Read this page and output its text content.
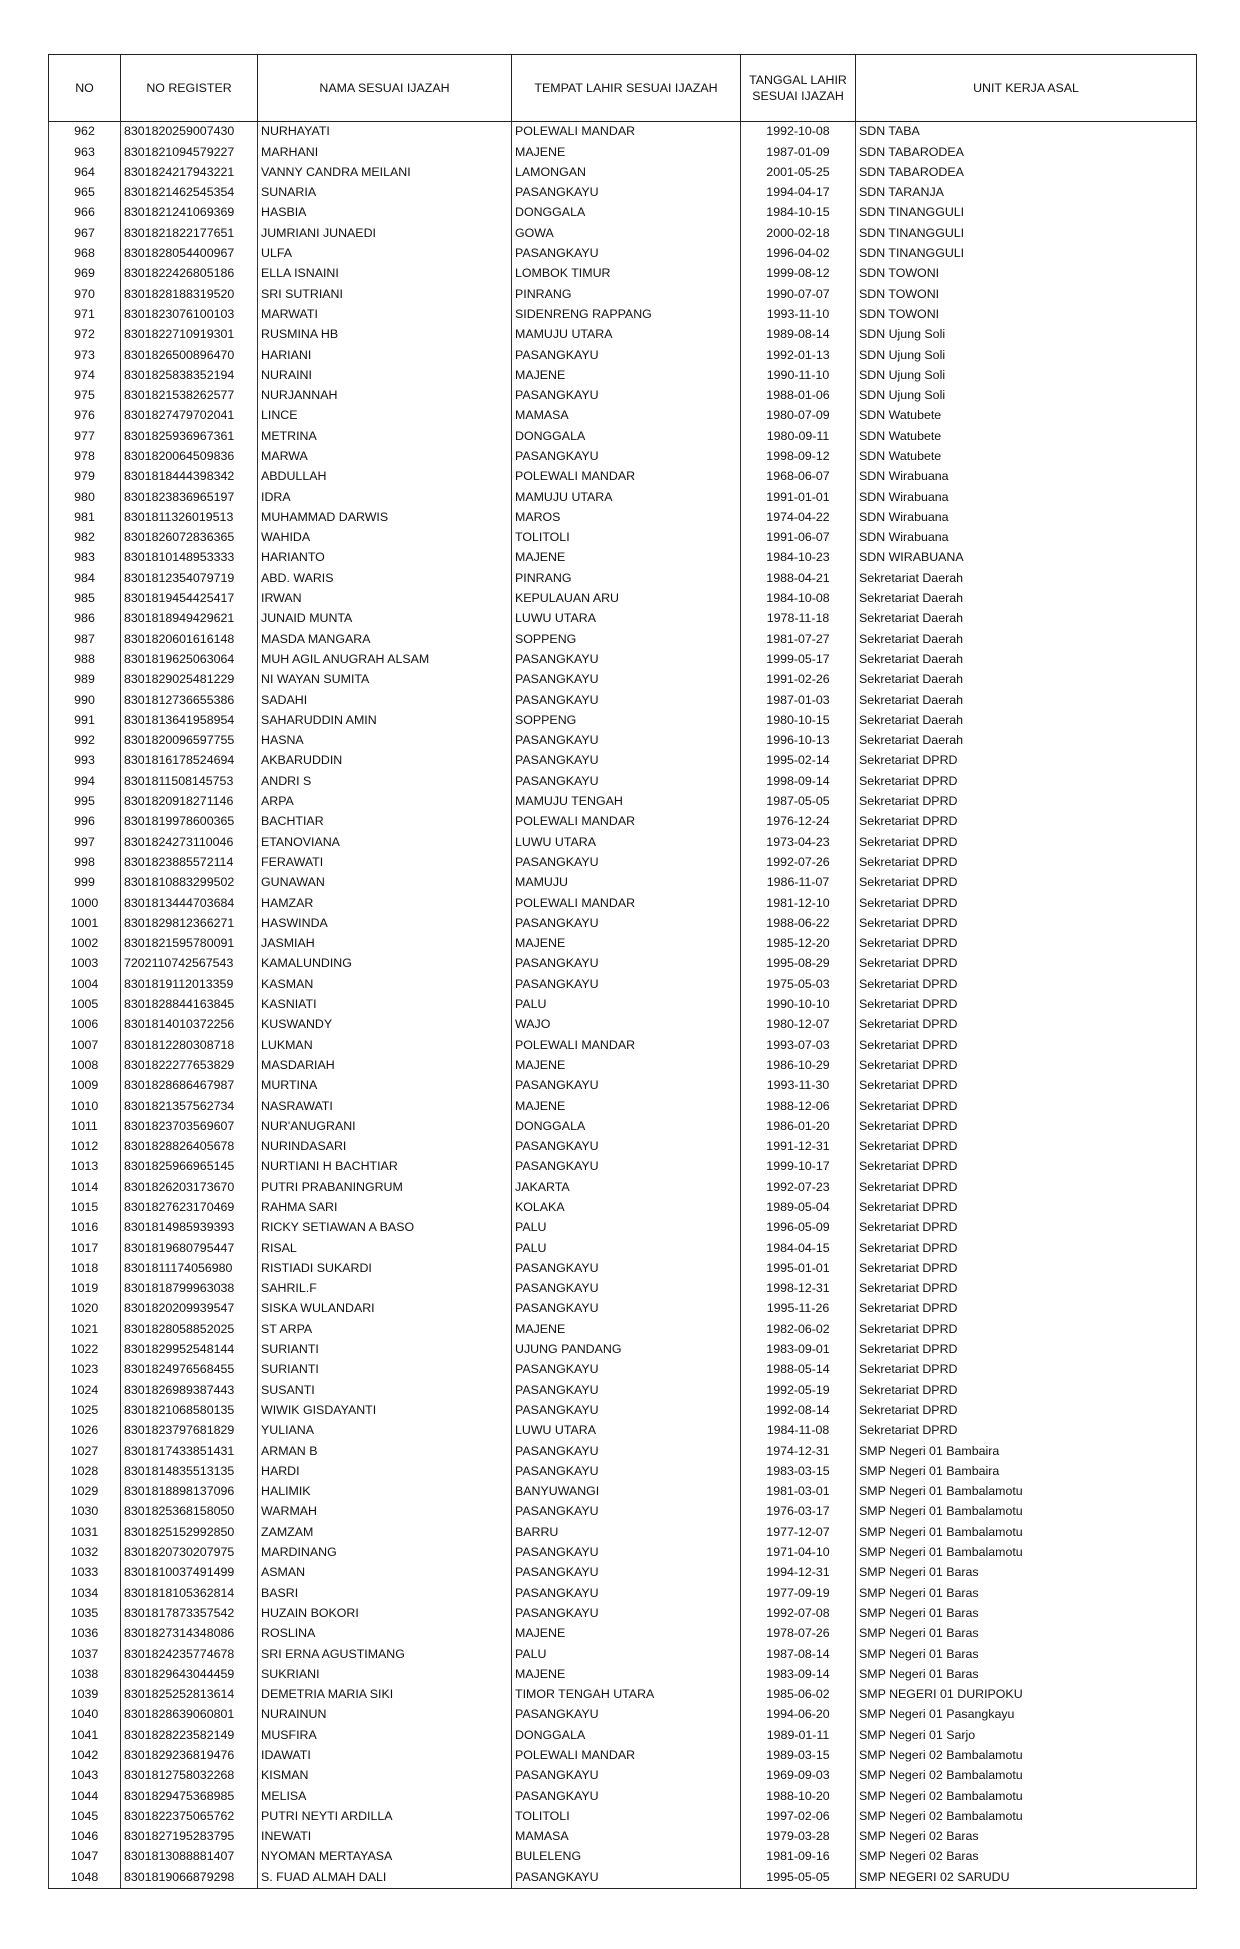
NO	NO REGISTER	NAMA SESUAI IJAZAH	TEMPAT LAHIR SESUAI IJAZAH	TANGGAL LAHIR
SESUAI IJAZAH	UNIT KERJA ASAL
962	8301820259007430	NURHAYATI	POLEWALI MANDAR	1992-10-08	SDN TABA
963	8301821094579227	MARHANI	MAJENE	1987-01-09	SDN TABARODEA
964	8301824217943221	VANNY CANDRA MEILANI	LAMONGAN	2001-05-25	SDN TABARODEA
965	8301821462545354	SUNARIA	PASANGKAYU	1994-04-17	SDN TARANJA
966	8301821241069369	HASBIA	DONGGALA	1984-10-15	SDN TINANGGULI
967	8301821822177651	JUMRIANI JUNAEDI	GOWA	2000-02-18	SDN TINANGGULI
968	8301828054400967	ULFA	PASANGKAYU	1996-04-02	SDN TINANGGULI
969	8301822426805186	ELLA ISNAINI	LOMBOK TIMUR	1999-08-12	SDN TOWONI
970	8301828188319520	SRI SUTRIANI	PINRANG	1990-07-07	SDN TOWONI
971	8301823076100103	MARWATI	SIDENRENG RAPPANG	1993-11-10	SDN TOWONI
972	8301822710919301	RUSMINA HB	MAMUJU UTARA	1989-08-14	SDN Ujung Soli
973	8301826500896470	HARIANI	PASANGKAYU	1992-01-13	SDN Ujung Soli
974	8301825838352194	NURAINI	MAJENE	1990-11-10	SDN Ujung Soli
975	8301821538262577	NURJANNAH	PASANGKAYU	1988-01-06	SDN Ujung Soli
976	8301827479702041	LINCE	MAMASA	1980-07-09	SDN Watubete
977	8301825936967361	METRINA	DONGGALA	1980-09-11	SDN Watubete
978	8301820064509836	MARWA	PASANGKAYU	1998-09-12	SDN Watubete
979	8301818444398342	ABDULLAH	POLEWALI MANDAR	1968-06-07	SDN Wirabuana
980	8301823836965197	IDRA	MAMUJU UTARA	1991-01-01	SDN Wirabuana
981	8301811326019513	MUHAMMAD DARWIS	MAROS	1974-04-22	SDN Wirabuana
982	8301826072836365	WAHIDA	TOLITOLI	1991-06-07	SDN Wirabuana
983	8301810148953333	HARIANTO	MAJENE	1984-10-23	SDN WIRABUANA
984	8301812354079719	ABD. WARIS	PINRANG	1988-04-21	Sekretariat Daerah
985	8301819454425417	IRWAN	KEPULAUAN ARU	1984-10-08	Sekretariat Daerah
986	8301818949429621	JUNAID MUNTA	LUWU UTARA	1978-11-18	Sekretariat Daerah
987	8301820601616148	MASDA MANGARA	SOPPENG	1981-07-27	Sekretariat Daerah
988	8301819625063064	MUH AGIL ANUGRAH ALSAM	PASANGKAYU	1999-05-17	Sekretariat Daerah
989	8301829025481229	NI WAYAN SUMITA	PASANGKAYU	1991-02-26	Sekretariat Daerah
990	8301812736655386	SADAHI	PASANGKAYU	1987-01-03	Sekretariat Daerah
991	8301813641958954	SAHARUDDIN AMIN	SOPPENG	1980-10-15	Sekretariat Daerah
992	8301820096597755	HASNA	PASANGKAYU	1996-10-13	Sekretariat Daerah
993	8301816178524694	AKBARUDDIN	PASANGKAYU	1995-02-14	Sekretariat DPRD
994	8301811508145753	ANDRI S	PASANGKAYU	1998-09-14	Sekretariat DPRD
995	8301820918271146	ARPA	MAMUJU TENGAH	1987-05-05	Sekretariat DPRD
996	8301819978600365	BACHTIAR	POLEWALI MANDAR	1976-12-24	Sekretariat DPRD
997	8301824273110046	ETANOVIANA	LUWU UTARA	1973-04-23	Sekretariat DPRD
998	8301823885572114	FERAWATI	PASANGKAYU	1992-07-26	Sekretariat DPRD
999	8301810883299502	GUNAWAN	MAMUJU	1986-11-07	Sekretariat DPRD
1000	8301813444703684	HAMZAR	POLEWALI MANDAR	1981-12-10	Sekretariat DPRD
1001	8301829812366271	HASWINDA	PASANGKAYU	1988-06-22	Sekretariat DPRD
1002	8301821595780091	JASMIAH	MAJENE	1985-12-20	Sekretariat DPRD
1003	7202110742567543	KAMALUNDING	PASANGKAYU	1995-08-29	Sekretariat DPRD
1004	8301819112013359	KASMAN	PASANGKAYU	1975-05-03	Sekretariat DPRD
1005	8301828844163845	KASNIATI	PALU	1990-10-10	Sekretariat DPRD
1006	8301814010372256	KUSWANDY	WAJO	1980-12-07	Sekretariat DPRD
1007	8301812280308718	LUKMAN	POLEWALI MANDAR	1993-07-03	Sekretariat DPRD
1008	8301822277653829	MASDARIAH	MAJENE	1986-10-29	Sekretariat DPRD
1009	8301828686467987	MURTINA	PASANGKAYU	1993-11-30	Sekretariat DPRD
1010	8301821357562734	NASRAWATI	MAJENE	1988-12-06	Sekretariat DPRD
1011	8301823703569607	NUR'ANUGRANI	DONGGALA	1986-01-20	Sekretariat DPRD
1012	8301828826405678	NURINDASARI	PASANGKAYU	1991-12-31	Sekretariat DPRD
1013	8301825966965145	NURTIANI H BACHTIAR	PASANGKAYU	1999-10-17	Sekretariat DPRD
1014	8301826203173670	PUTRI PRABANINGRUM	JAKARTA	1992-07-23	Sekretariat DPRD
1015	8301827623170469	RAHMA SARI	KOLAKA	1989-05-04	Sekretariat DPRD
1016	8301814985939393	RICKY SETIAWAN A BASO	PALU	1996-05-09	Sekretariat DPRD
1017	8301819680795447	RISAL	PALU	1984-04-15	Sekretariat DPRD
1018	8301811174056980	RISTIADI SUKARDI	PASANGKAYU	1995-01-01	Sekretariat DPRD
1019	8301818799963038	SAHRIL.F	PASANGKAYU	1998-12-31	Sekretariat DPRD
1020	8301820209939547	SISKA WULANDARI	PASANGKAYU	1995-11-26	Sekretariat DPRD
1021	8301828058852025	ST ARPA	MAJENE	1982-06-02	Sekretariat DPRD
1022	8301829952548144	SURIANTI	UJUNG PANDANG	1983-09-01	Sekretariat DPRD
1023	8301824976568455	SURIANTI	PASANGKAYU	1988-05-14	Sekretariat DPRD
1024	8301826989387443	SUSANTI	PASANGKAYU	1992-05-19	Sekretariat DPRD
1025	8301821068580135	WIWIK GISDAYANTI	PASANGKAYU	1992-08-14	Sekretariat DPRD
1026	8301823797681829	YULIANA	LUWU UTARA	1984-11-08	Sekretariat DPRD
1027	8301817433851431	ARMAN B	PASANGKAYU	1974-12-31	SMP Negeri 01 Bambaira
1028	8301814835513135	HARDI	PASANGKAYU	1983-03-15	SMP Negeri 01 Bambaira
1029	8301818898137096	HALIMIK	BANYUWANGI	1981-03-01	SMP Negeri 01 Bambalamotu
1030	8301825368158050	WARMAH	PASANGKAYU	1976-03-17	SMP Negeri 01 Bambalamotu
1031	8301825152992850	ZAMZAM	BARRU	1977-12-07	SMP Negeri 01 Bambalamotu
1032	8301820730207975	MARDINANG	PASANGKAYU	1971-04-10	SMP Negeri 01 Bambalamotu
1033	8301810037491499	ASMAN	PASANGKAYU	1994-12-31	SMP Negeri 01 Baras
1034	8301818105362814	BASRI	PASANGKAYU	1977-09-19	SMP Negeri 01 Baras
1035	8301817873357542	HUZAIN BOKORI	PASANGKAYU	1992-07-08	SMP Negeri 01 Baras
1036	8301827314348086	ROSLINA	MAJENE	1978-07-26	SMP Negeri 01 Baras
1037	8301824235774678	SRI ERNA AGUSTIMANG	PALU	1987-08-14	SMP Negeri 01 Baras
1038	8301829643044459	SUKRIANI	MAJENE	1983-09-14	SMP Negeri 01 Baras
1039	8301825252813614	DEMETRIA MARIA SIKI	TIMOR TENGAH UTARA	1985-06-02	SMP NEGERI 01 DURIPOKU
1040	8301828639060801	NURAINUN	PASANGKAYU	1994-06-20	SMP Negeri 01 Pasangkayu
1041	8301828223582149	MUSFIRA	DONGGALA	1989-01-11	SMP Negeri 01 Sarjo
1042	8301829236819476	IDAWATI	POLEWALI MANDAR	1989-03-15	SMP Negeri 02 Bambalamotu
1043	8301812758032268	KISMAN	PASANGKAYU	1969-09-03	SMP Negeri 02 Bambalamotu
1044	8301829475368985	MELISA	PASANGKAYU	1988-10-20	SMP Negeri 02 Bambalamotu
1045	8301822375065762	PUTRI NEYTI ARDILLA	TOLITOLI	1997-02-06	SMP Negeri 02 Bambalamotu
1046	8301827195283795	INEWATI	MAMASA	1979-03-28	SMP Negeri 02 Baras
1047	8301813088881407	NYOMAN MERTAYASA	BULELENG	1981-09-16	SMP Negeri 02 Baras
1048	8301819066879298	S. FUAD ALMAH DALI	PASANGKAYU	1995-05-05	SMP NEGERI 02 SARUDU
